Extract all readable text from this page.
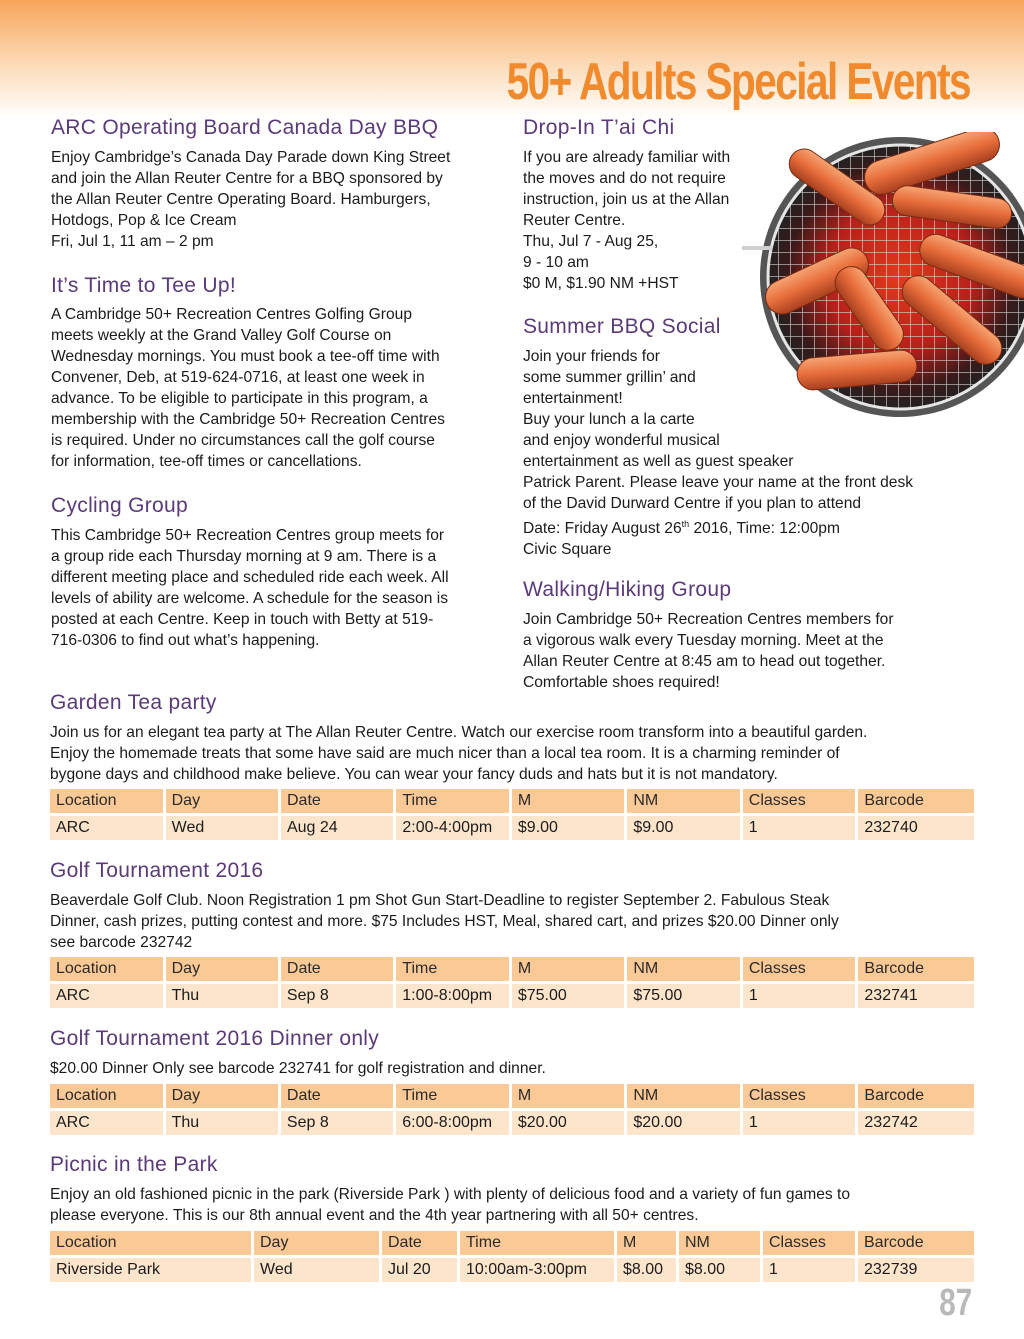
50+ Adults Special Events
ARC Operating Board Canada Day BBQ
Enjoy Cambridge’s Canada Day Parade down King Street
and join the Allan Reuter Centre for a BBQ sponsored by
the Allan Reuter Centre Operating Board. Hamburgers,
Hotdogs, Pop & Ice Cream
Fri, Jul 1, 11 am – 2 pm
It’s Time to Tee Up!
A Cambridge 50+ Recreation Centres Golfing Group
meets weekly at the Grand Valley Golf Course on
Wednesday mornings. You must book a tee-off time with
Convener, Deb, at 519-624-0716, at least one week in
advance. To be eligible to participate in this program, a
membership with the Cambridge 50+ Recreation Centres
is required. Under no circumstances call the golf course
for information, tee-off times or cancellations.
Cycling Group
This Cambridge 50+ Recreation Centres group meets for
a group ride each Thursday morning at 9 am. There is a
different meeting place and scheduled ride each week. All
levels of ability are welcome. A schedule for the season is
posted at each Centre. Keep in touch with Betty at 519-
716-0306 to find out what’s happening.
Drop-In T’ai Chi
If you are already familiar with
the moves and do not require
instruction, join us at the Allan
Reuter Centre.
Thu, Jul 7 - Aug 25,
9 - 10 am
$0 M, $1.90 NM +HST
Summer BBQ Social
Join your friends for
some summer grillin’ and
entertainment!
Buy your lunch a la carte
and enjoy wonderful musical
entertainment as well as guest speaker
Patrick Parent. Please leave your name at the front desk
of the David Durward Centre if you plan to attend
Date: Friday August 26th 2016, Time: 12:00pm
Civic Square
Walking/Hiking Group
Join Cambridge 50+ Recreation Centres members for
a vigorous walk every Tuesday morning. Meet at the
Allan Reuter Centre at 8:45 am to head out together.
Comfortable shoes required!
Garden Tea party
Join us for an elegant tea party at The Allan Reuter Centre. Watch our exercise room transform into a beautiful garden.
Enjoy the homemade treats that some have said are much nicer than a local tea room. It is a charming reminder of
bygone days and childhood make believe. You can wear your fancy duds and hats but it is not mandatory.
Location	Day	Date	Time	M	NM	Classes	Barcode
ARC	Wed	Aug 24	2:00-4:00pm	$9.00	$9.00	1	232740
Golf Tournament 2016
Beaverdale Golf Club. Noon Registration 1 pm Shot Gun Start-Deadline to register September 2. Fabulous Steak
Dinner, cash prizes, putting contest and more. $75 Includes HST, Meal, shared cart, and prizes $20.00 Dinner only
see barcode 232742
Location	Day	Date	Time	M	NM	Classes	Barcode
ARC	Thu	Sep 8	1:00-8:00pm	$75.00	$75.00	1	232741
Golf Tournament 2016 Dinner only
$20.00 Dinner Only see barcode 232741 for golf registration and dinner.
Location	Day	Date	Time	M	NM	Classes	Barcode
ARC	Thu	Sep 8	6:00-8:00pm	$20.00	$20.00	1	232742
Picnic in the Park
Enjoy an old fashioned picnic in the park (Riverside Park ) with plenty of delicious food and a variety of fun games to
please everyone. This is our 8th annual event and the 4th year partnering with all 50+ centres.
Location	Day	Date	Time	M	NM	Classes	Barcode
Riverside Park	Wed	Jul 20	10:00am-3:00pm	$8.00	$8.00	1	232739
87
